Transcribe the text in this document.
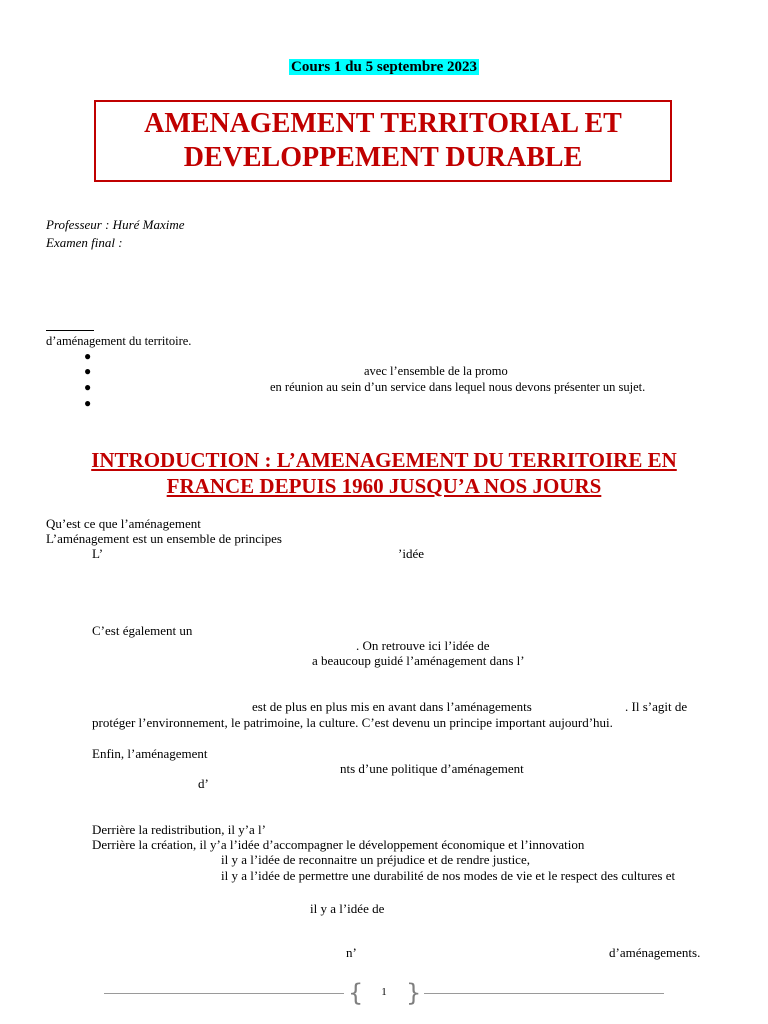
Cours 1 du 5 septembre 2023
AMENAGEMENT TERRITORIAL ET
DEVELOPPEMENT DURABLE
Professeur : Huré Maxime
Examen final :
d’aménagement du territoire.
●
●	avec l’ensemble de la promo
●	en réunion au sein d’un service dans lequel nous devons présenter un sujet.
●
INTRODUCTION : L’AMENAGEMENT DU TERRITOIRE EN
FRANCE DEPUIS 1960 JUSQU’A NOS JOURS
Qu’est ce que l’aménagement
L’aménagement est un ensemble de principes
L’	’idée
C’est également un
. On retrouve ici l’idée de
a beaucoup guidé l’aménagement dans l’
est de plus en plus mis en avant dans l’aménagements	. Il s’agit de
protéger l’environnement, le patrimoine, la culture. C’est devenu un principe important aujourd’hui.
Enfin, l’aménagement
nts d’une politique d’aménagement
d’
Derrière la redistribution, il y’a l’
Derrière la création, il y’a l’idée d’accompagner le développement économique et l’innovation
il y a l’idée de reconnaitre un préjudice et de rendre justice,
il y a l’idée de permettre une durabilité de nos modes de vie et le respect des cultures et
il y a l’idée de
n’	d’aménagements.
{	1 }
